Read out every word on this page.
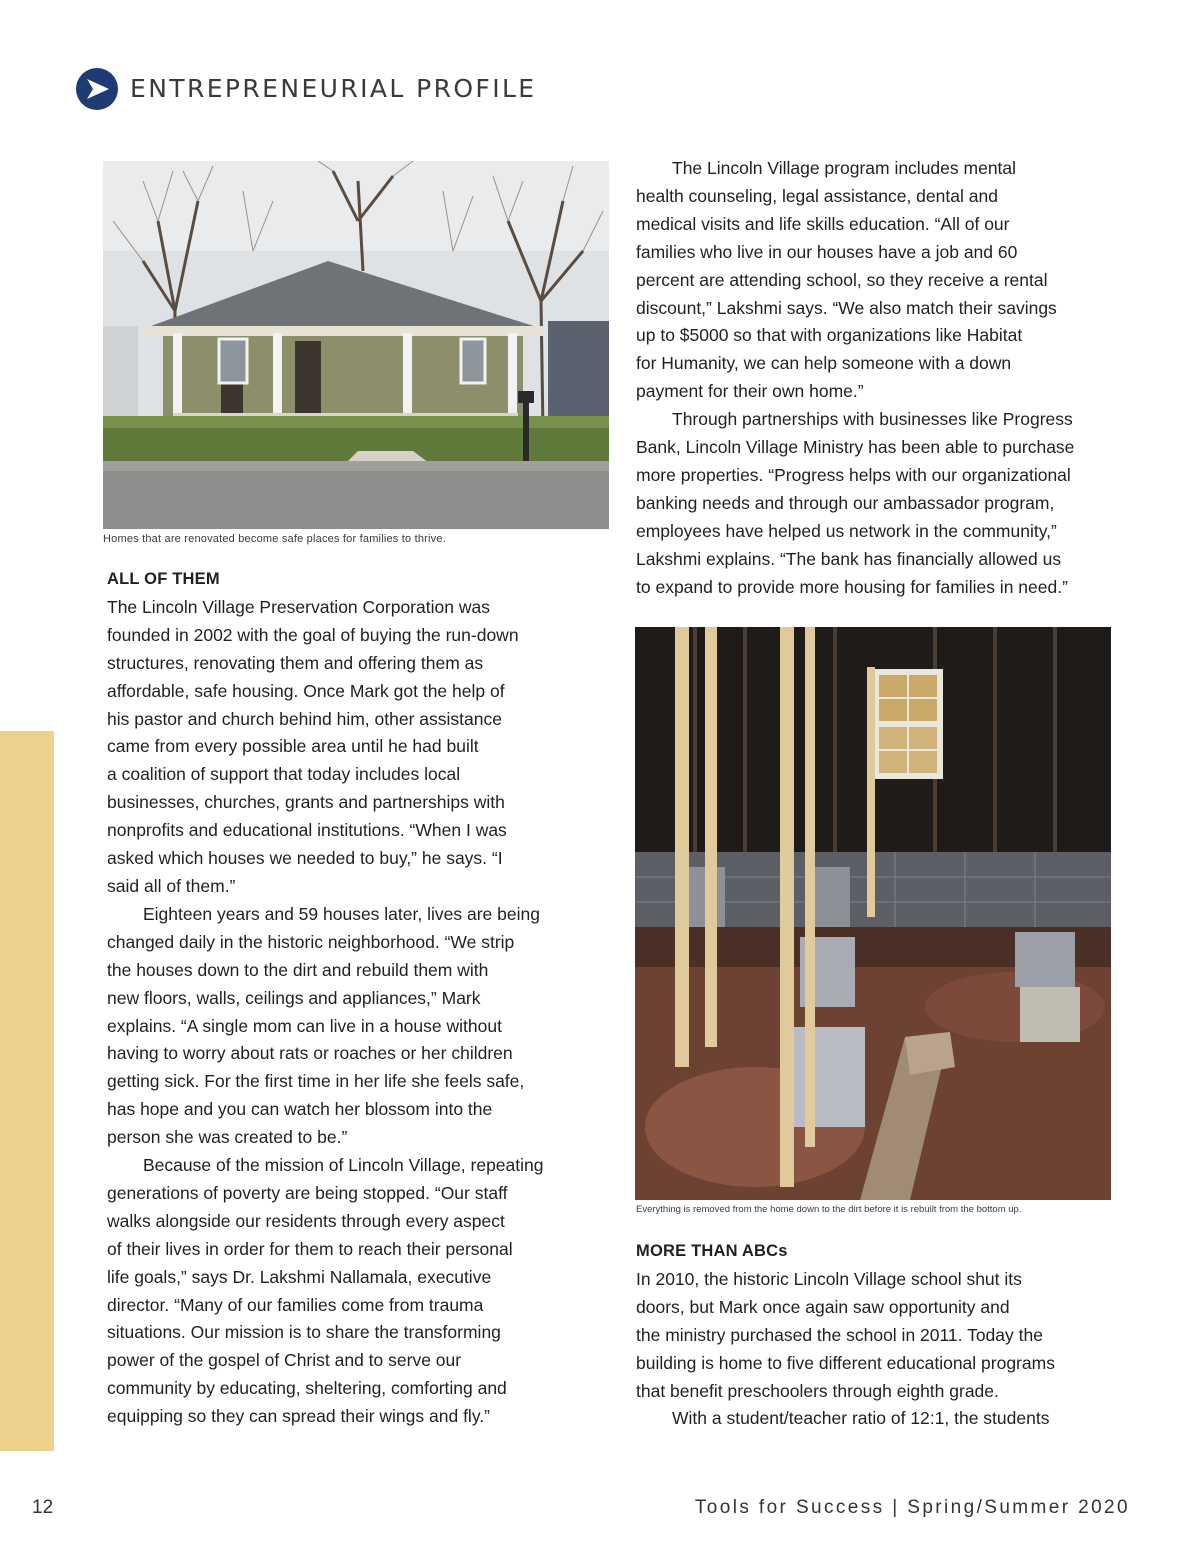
ENTREPRENEURIAL PROFILE
Homes that are renovated become safe places for families to thrive.
ALL OF THEM

The Lincoln Village Preservation Corporation was
founded in 2002 with the goal of buying the run-down
structures, renovating them and offering them as
affordable, safe housing. Once Mark got the help of
his pastor and church behind him, other assistance
came from every possible area until he had built
a coalition of support that today includes local
businesses, churches, grants and partnerships with
nonprofits and educational institutions. “When I was
asked which houses we needed to buy,” he says. “I
said all of them.”

Eighteen years and 59 houses later, lives are being
changed daily in the historic neighborhood. “We strip
the houses down to the dirt and rebuild them with
new floors, walls, ceilings and appliances,” Mark
explains. “A single mom can live in a house without
having to worry about rats or roaches or her children
getting sick. For the first time in her life she feels safe,
has hope and you can watch her blossom into the
person she was created to be.”

Because of the mission of Lincoln Village, repeating
generations of poverty are being stopped. “Our staff
walks alongside our residents through every aspect
of their lives in order for them to reach their personal
life goals,” says Dr. Lakshmi Nallamala, executive
director. “Many of our families come from trauma
situations. Our mission is to share the transforming
power of the gospel of Christ and to serve our
community by educating, sheltering, comforting and
equipping so they can spread their wings and fly.”

The Lincoln Village program includes mental
health counseling, legal assistance, dental and
medical visits and life skills education. “All of our
families who live in our houses have a job and 60
percent are attending school, so they receive a rental
discount,” Lakshmi says. “We also match their savings
up to $5000 so that with organizations like Habitat
for Humanity, we can help someone with a down
payment for their own home.”

Through partnerships with businesses like Progress
Bank, Lincoln Village Ministry has been able to purchase
more properties. “Progress helps with our organizational
banking needs and through our ambassador program,
employees have helped us network in the community,”
Lakshmi explains. “The bank has financially allowed us
to expand to provide more housing for families in need.”

Everything is removed from the home down to the dirt before it is rebuilt from the bottom up.
MORE THAN ABCs

In 2010, the historic Lincoln Village school shut its
doors, but Mark once again saw opportunity and
the ministry purchased the school in 2011. Today the
building is home to five different educational programs
that benefit preschoolers through eighth grade.

With a student/teacher ratio of 12:1, the students

12	Tools for Success | Spring/Summer 2020
